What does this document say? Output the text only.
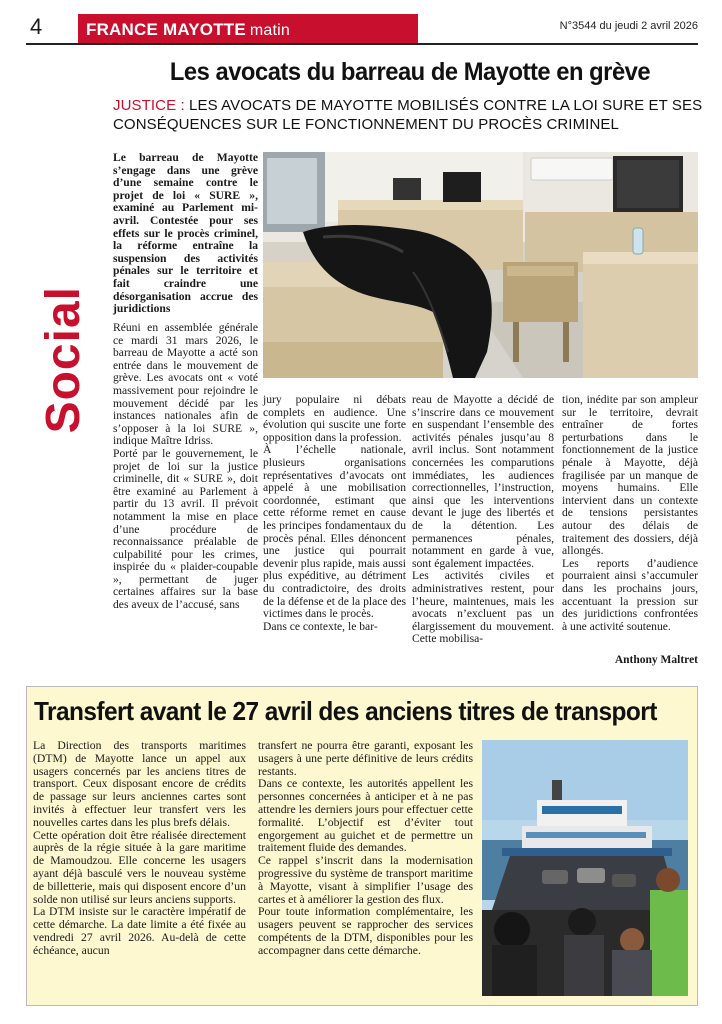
4	FRANCE MAYOTTE matin	N°3544 du jeudi 2 avril 2026
Les avocats du barreau de Mayotte en grève
JUSTICE : LES AVOCATS DE MAYOTTE MOBILISÉS CONTRE LA LOI SURE ET SES CONSÉQUENCES SUR LE FONCTIONNEMENT DU PROCÈS CRIMINEL
Social
Le barreau de Mayotte s’engage dans une grève d’une semaine contre le projet de loi « SURE », examiné au Parlement mi-avril. Contestée pour ses effets sur le procès criminel, la réforme entraîne la suspension des activités pénales sur le territoire et fait craindre une désorganisation accrue des juridictions

Réuni en assemblée générale ce mardi 31 mars 2026, le barreau de Mayotte a acté son entrée dans le mouvement de grève. Les avocats ont « voté massivement pour rejoindre le mouvement décidé par les instances nationales afin de s’opposer à la loi SURE », indique Maître Idriss.

Porté par le gouvernement, le projet de loi sur la justice criminelle, dit « SURE », doit être examiné au Parlement à partir du 13 avril. Il prévoit notamment la mise en place d’une procédure de reconnaissance préalable de culpabilité pour les crimes, inspirée du « plaider-coupable », permettant de juger certaines affaires sur la base des aveux de l’accusé, sans

jury populaire ni débats complets en audience. Une évolution qui suscite une forte opposition dans la profession.

À l’échelle nationale, plusieurs organisations représentatives d’avocats ont appelé à une mobilisation coordonnée, estimant que cette réforme remet en cause les principes fondamentaux du procès pénal. Elles dénoncent une justice qui pourrait devenir plus rapide, mais aussi plus expéditive, au détriment du contradictoire, des droits de la défense et de la place des victimes dans le procès.

Dans ce contexte, le bar-

reau de Mayotte a décidé de s’inscrire dans ce mouvement en suspendant l’ensemble des activités pénales jusqu’au 8 avril inclus. Sont notamment concernées les comparutions immédiates, les audiences correctionnelles, l’instruction, ainsi que les interventions devant le juge des libertés et de la détention. Les permanences pénales, notamment en garde à vue, sont également impactées.

Les activités civiles et administratives restent, pour l’heure, maintenues, mais les avocats n’excluent pas un élargissement du mouvement. Cette mobilisa-

tion, inédite par son ampleur sur le territoire, devrait entraîner de fortes perturbations dans le fonctionnement de la justice pénale à Mayotte, déjà fragilisée par un manque de moyens humains. Elle intervient dans un contexte de tensions persistantes autour des délais de traitement des dossiers, déjà allongés.

Les reports d’audience pourraient ainsi s’accumuler dans les prochains jours, accentuant la pression sur des juridictions confrontées à une activité soutenue.

Anthony Maltret
Transfert avant le 27 avril des anciens titres de transport

La Direction des transports maritimes (DTM) de Mayotte lance un appel aux usagers concernés par les anciens titres de transport. Ceux disposant encore de crédits de passage sur leurs anciennes cartes sont invités à effectuer leur transfert vers les nouvelles cartes dans les plus brefs délais.

Cette opération doit être réalisée directement auprès de la régie située à la gare maritime de Mamoudzou. Elle concerne les usagers ayant déjà basculé vers le nouveau système de billetterie, mais qui disposent encore d’un solde non utilisé sur leurs anciens supports.

La DTM insiste sur le caractère impératif de cette démarche. La date limite a été fixée au vendredi 27 avril 2026. Au-delà de cette échéance, aucun

transfert ne pourra être garanti, exposant les usagers à une perte définitive de leurs crédits restants.

Dans ce contexte, les autorités appellent les personnes concernées à anticiper et à ne pas attendre les derniers jours pour effectuer cette formalité. L’objectif est d’éviter tout engorgement au guichet et de permettre un traitement fluide des demandes.

Ce rappel s’inscrit dans la modernisation progressive du système de transport maritime à Mayotte, visant à simplifier l’usage des cartes et à améliorer la gestion des flux.

Pour toute information complémentaire, les usagers peuvent se rapprocher des services compétents de la DTM, disponibles pour les accompagner dans cette démarche.
